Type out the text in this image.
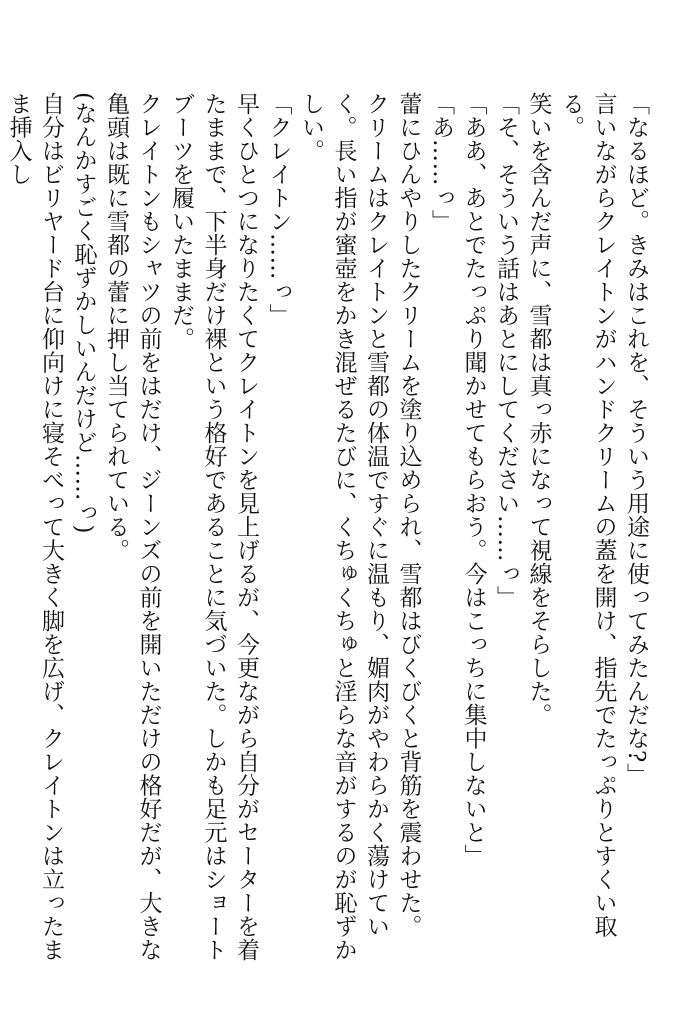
「なるほど。きみはこれを、そういう用途に使ってみたんだな?」

言いながらクレイトンがハンドクリームの蓋を開け、指先でたっぷりとすくい取る。

笑いを含んだ声に、雪都は真っ赤になって視線をそらした。

「そ、そういう話はあとにしてください……っ」

「ああ、あとでたっぷり聞かせてもらおう。今はこっちに集中しないと」

「あ……っ」

蕾にひんやりしたクリームを塗り込められ、雪都はびくびくと背筋を震わせた。

クリームはクレイトンと雪都の体温ですぐに温もり、媚肉がやわらかく蕩けていく。長い指が蜜壺をかき混ぜるたびに、くちゅくちゅと淫らな音がするのが恥ずかしい。

「クレイトン……っ」

早くひとつになりたくてクレイトンを見上げるが、今更ながら自分がセーターを着たままで、下半身だけ裸という格好であることに気づいた。しかも足元はショートブーツを履いたままだ。

クレイトンもシャツの前をはだけ、ジーンズの前を開いただけの格好だが、大きな亀頭は既に雪都の蕾に押し当てられている。

(なんかすごく恥ずかしいんだけど……っ)

自分はビリヤード台に仰向けに寝そべって大きく脚を広げ、クレイトンは立ったまま挿入し
